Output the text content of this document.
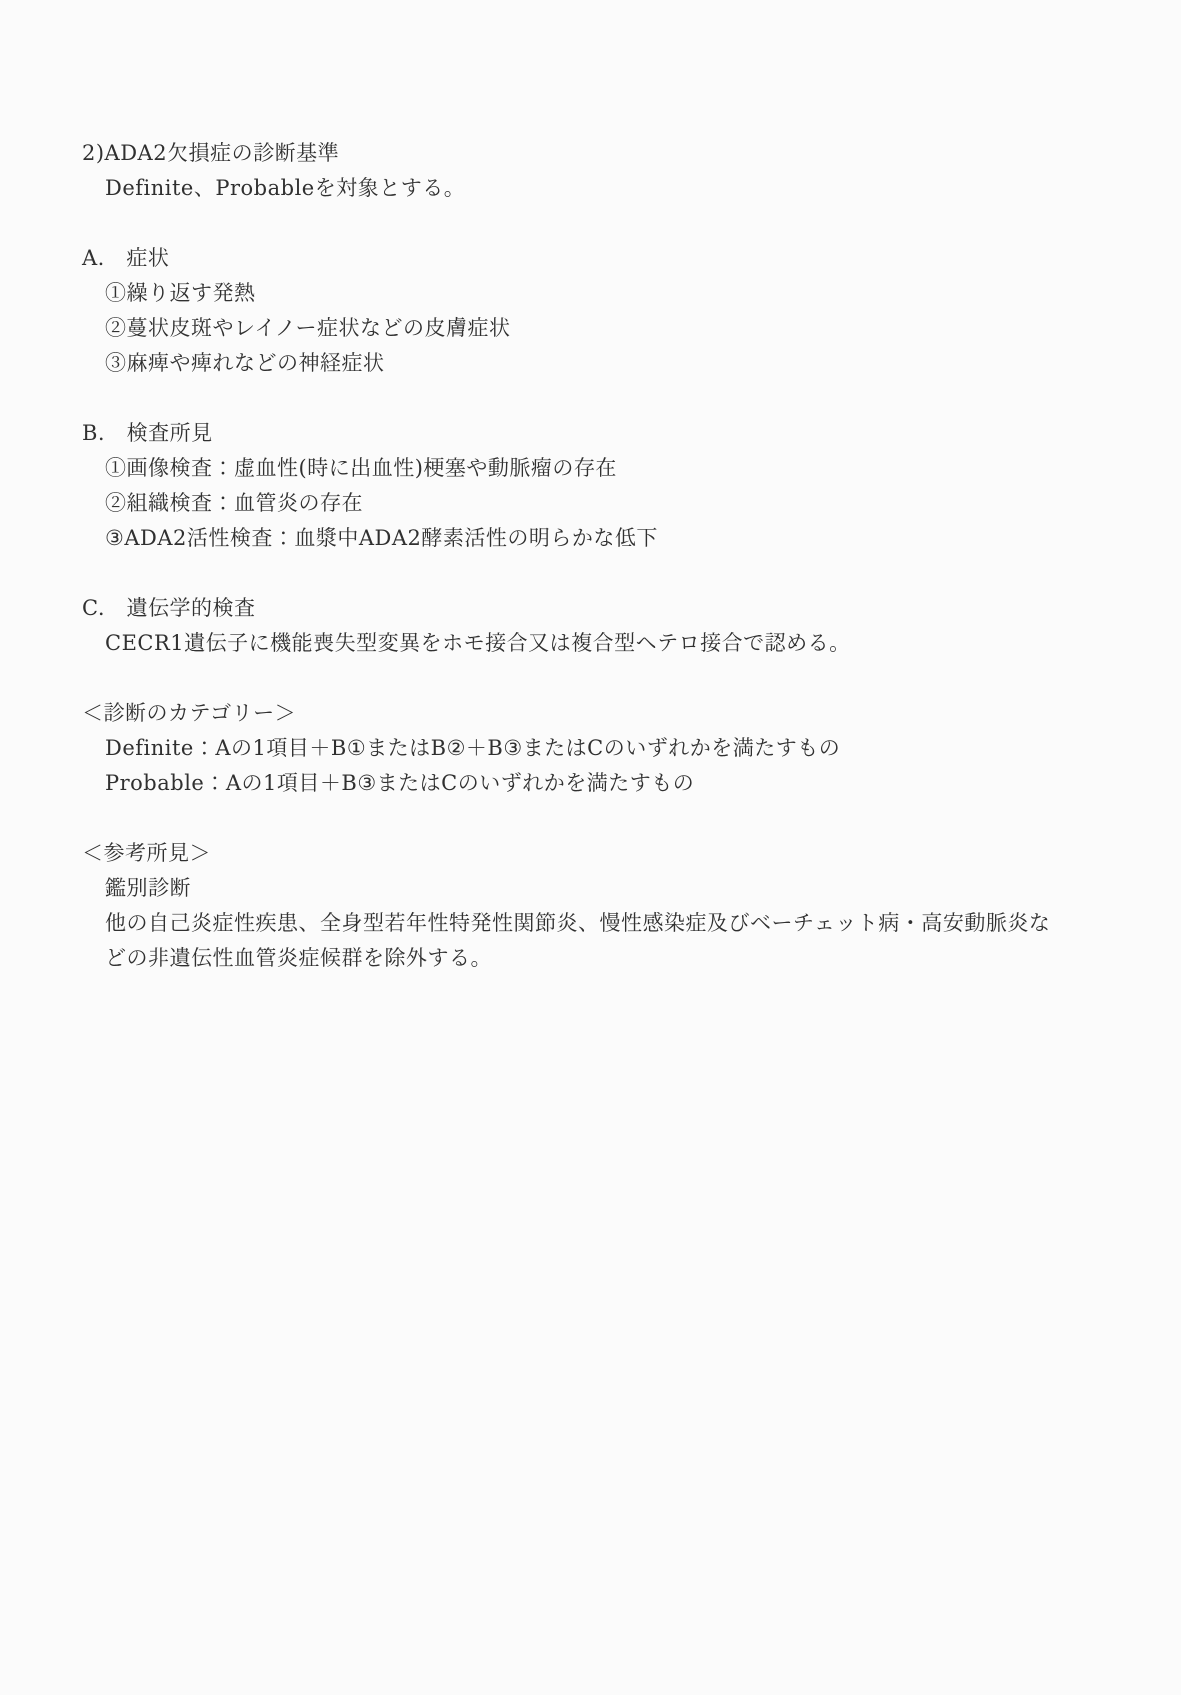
2)ADA2欠損症の診断基準

Definite、Probableを対象とする。

A.　症状

①繰り返す発熱

②蔓状皮斑やレイノー症状などの皮膚症状

③麻痺や痺れなどの神経症状

B.　検査所見

①画像検査：虚血性(時に出血性)梗塞や動脈瘤の存在

②組織検査：血管炎の存在

③ADA2活性検査：血漿中ADA2酵素活性の明らかな低下

C.　遺伝学的検査

CECR1遺伝子に機能喪失型変異をホモ接合又は複合型ヘテロ接合で認める。

＜診断のカテゴリー＞

Definite：Aの1項目＋B①またはB②＋B③またはCのいずれかを満たすもの

Probable：Aの1項目＋B③またはCのいずれかを満たすもの

＜参考所見＞

鑑別診断

他の自己炎症性疾患、全身型若年性特発性関節炎、慢性感染症及びベーチェット病・高安動脈炎などの非遺伝性血管炎症候群を除外する。
